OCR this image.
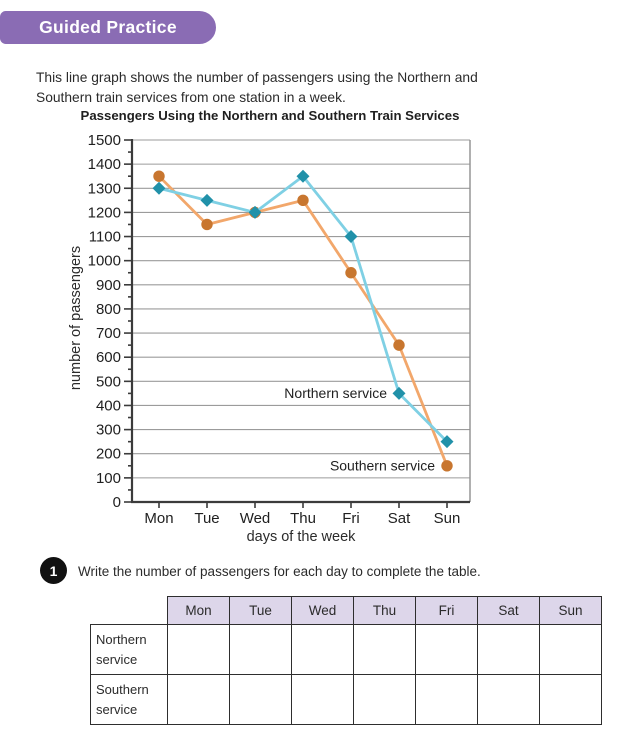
Guided Practice
This line graph shows the number of passengers using the Northern and
Southern train services from one station in a week.
Passengers Using the Northern and Southern Train Services
0
100
200
300
400
500
600
700
800
900
1000
1100
1200
1300
1400
1500
Mon Tue Wed Thu Fri Sat Sun
Northern service
Southern service
number of passengers
days of the week
1 Write the number of passengers for each day to complete the table.
	Mon	Tue	Wed	Thu	Fri	Sat	Sun
Northern
service							
Southern
service							
